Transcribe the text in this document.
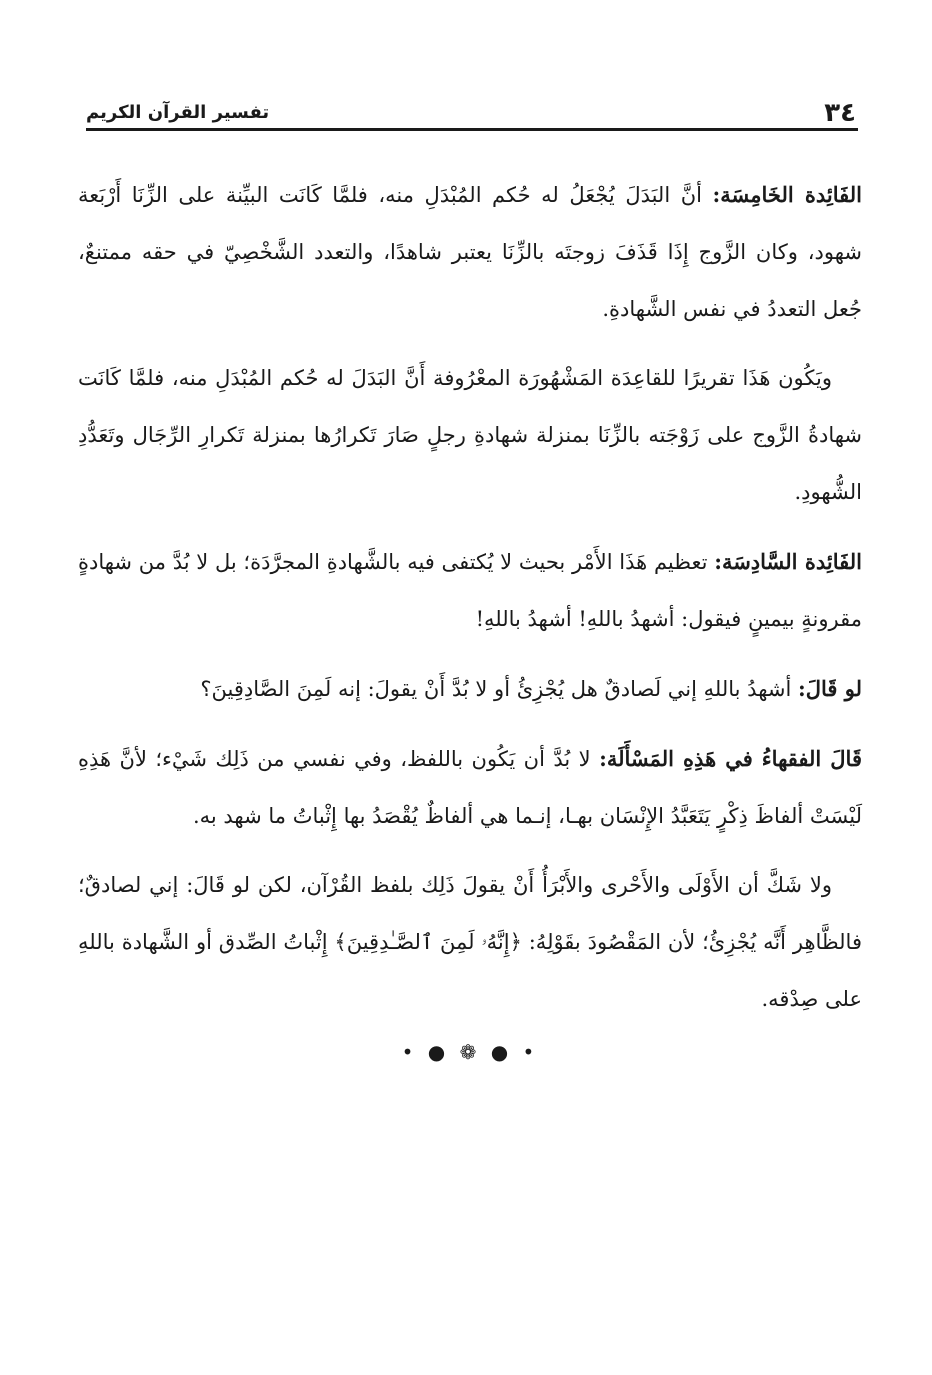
٣٤
تفسير القرآن الكريم

الفَائِدة الخَامِسَة: أنَّ البَدَلَ يُجْعَلُ له حُكم المُبْدَلِ منه، فلمَّا كَانَت البيِّنة على الزِّنَا أَرْبَعة شهود، وكان الزَّوج إِذَا قَذَفَ زوجتَه بالزِّنَا يعتبر شاهدًا، والتعدد الشَّخْصِيّ في حقه ممتنعٌ، جُعل التعددُ في نفس الشَّهادةِ.

ويَكُون هَذَا تقريرًا للقاعِدَة المَشْهُورَة المعْرُوفة أَنَّ البَدَلَ له حُكم المُبْدَلِ منه، فلمَّا كَانَت شهادةُ الزَّوج على زَوْجَته بالزِّنَا بمنزلة شهادةِ رجلٍ صَارَ تَكرارُها بمنزلة تَكرارِ الرِّجَال وتَعَدُّدِ الشُّهودِ.

الفَائِدة السَّادِسَة: تعظيم هَذَا الأَمْر بحيث لا يُكتفى فيه بالشَّهادةِ المجرَّدَة؛ بل لا بُدَّ من شهادةٍ مقرونةٍ بيمينٍ فيقول: أشهدُ باللهِ! أشهدُ باللهِ!

لو قَالَ: أشهدُ باللهِ إني لَصادقٌ هل يُجْزِئُ أو لا بُدَّ أَنْ يقولَ: إنه لَمِنَ الصَّادِقِينَ؟

قَالَ الفقهاءُ في هَذِهِ المَسْأَلَة: لا بُدَّ أن يَكُون باللفظ، وفي نفسي من ذَلِك شَيْء؛ لأنَّ هَذِهِ لَيْسَتْ ألفاظَ ذِكْرٍ يَتَعَبَّدُ الإِنْسَان بهـا، إنـما هي ألفاظٌ يُقْصَدُ بها إِثْباتُ ما شهد به.

ولا شَكَّ أن الأَوْلَى والأَحْرى والأَبْرَأُ أَنْ يقولَ ذَلِك بلفظ القُرْآن، لكن لو قَالَ: إني لصادقٌ؛ فالظَّاهِر أَنَّه يُجْزِئُ؛ لأن المَقْصُودَ بقَوْلِهُ: ﴿إِنَّهُۥ لَمِنَ ٱلصَّـٰدِقِينَ﴾ إِثْباتُ الصِّدق أو الشَّهادة باللهِ على صِدْقه.

• ● ❁ ● •
